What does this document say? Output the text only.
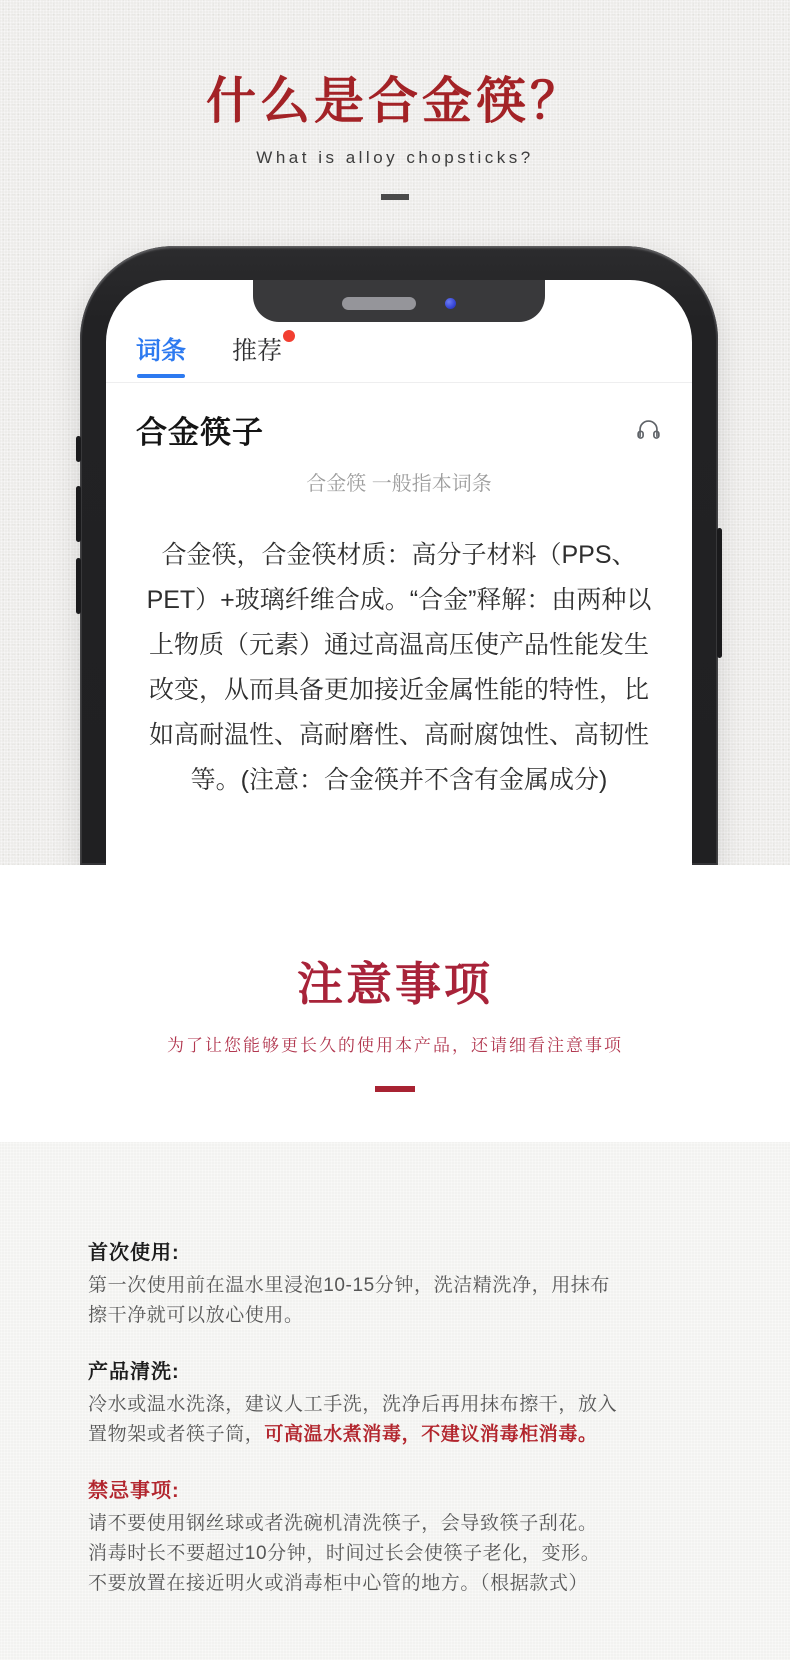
什么是合金筷？
What is alloy chopsticks?
词条 推荐
合金筷子
合金筷 一般指本词条
合金筷，合金筷材质：高分子材料（PPS、
PET）+玻璃纤维合成。“合金”释解：由两种以
上物质（元素）通过高温高压使产品性能发生
改变，从而具备更加接近金属性能的特性，比
如高耐温性、高耐磨性、高耐腐蚀性、高韧性
等。(注意：合金筷并不含有金属成分)
注意事项
为了让您能够更长久的使用本产品，还请细看注意事项
首次使用:
第一次使用前在温水里浸泡10-15分钟，洗洁精洗净，用抹布
擦干净就可以放心使用。
产品清洗:
冷水或温水洗涤，建议人工手洗，洗净后再用抹布擦干，放入
置物架或者筷子筒，可高温水煮消毒，不建议消毒柜消毒。
禁忌事项:
请不要使用钢丝球或者洗碗机清洗筷子，会导致筷子刮花。
消毒时长不要超过10分钟，时间过长会使筷子老化，变形。
不要放置在接近明火或消毒柜中心管的地方。（根据款式）
